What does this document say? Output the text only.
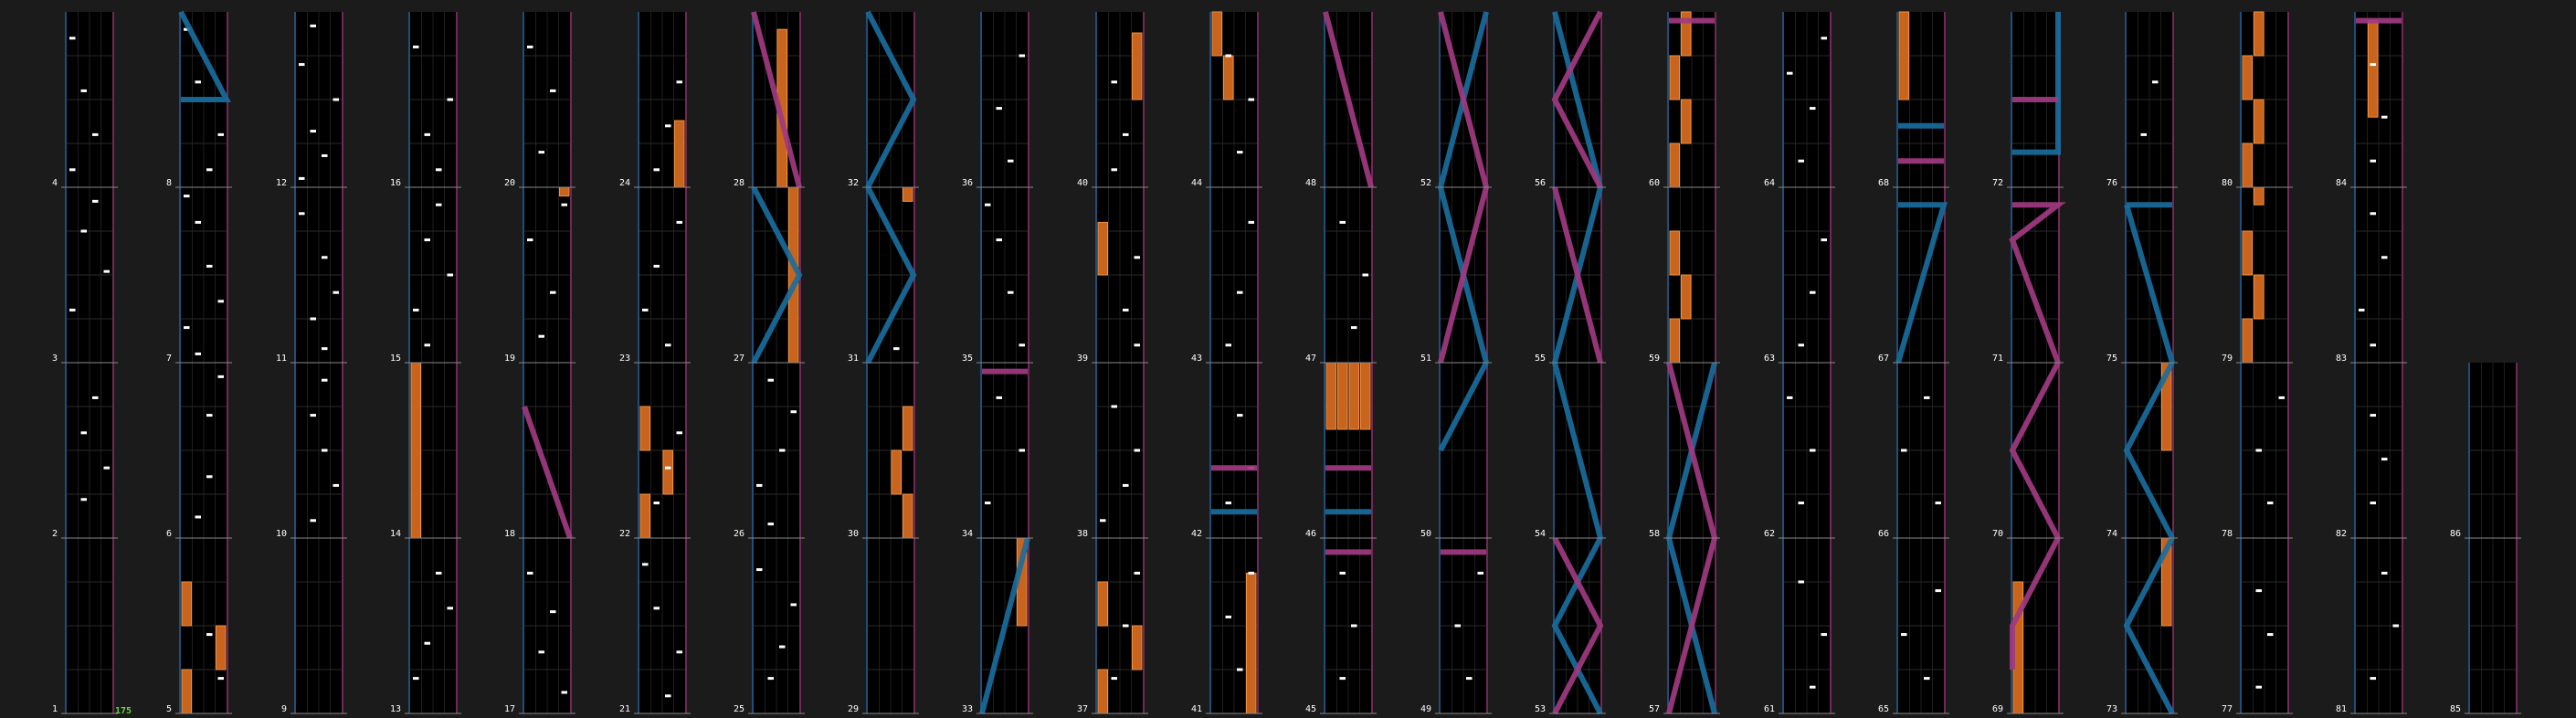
1
2
3
4
5
6
7
8
9
10
11
12
13
14
15
16
17
18
19
20
21
22
23
24
25
26
27
28
29
30
31
32
33
34
35
36
37
38
39
40
41
42
43
44
45
46
47
48
49
50
51
52
53
54
55
56
57
58
59
60
61
62
63
64
65
66
67
68
69
70
71
72
73
74
75
76
77
78
79
80
81
82
83
84
85
86
175
